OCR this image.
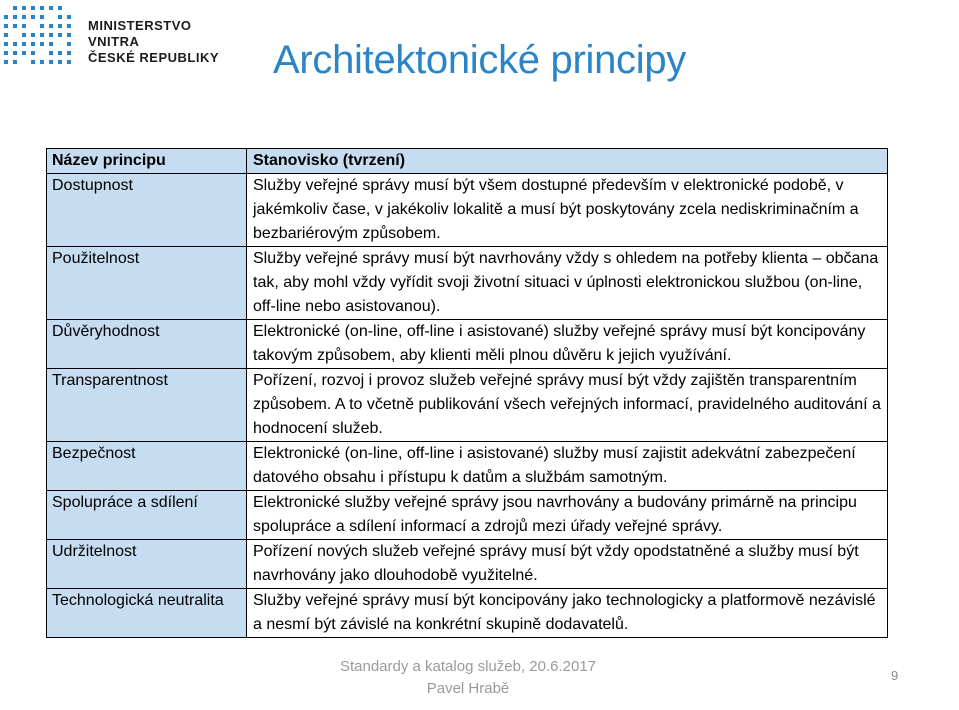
MINISTERSTVO VNITRA
ČESKÉ REPUBLIKY	Architektonické principy
Název principu	Stanovisko (tvrzení)

Dostupnost	Služby veřejné správy musí být všem dostupné především v elektronické podobě, v jakémkoliv čase, v jakékoliv lokalitě a musí být poskytovány zcela nediskriminačním a bezbariérovým způsobem.

Použitelnost	Služby veřejné správy musí být navrhovány vždy s ohledem na potřeby klienta – občana tak, aby mohl vždy vyřídit svoji životní situaci v úplnosti elektronickou službou (on-line, off-line nebo asistovanou).

Důvěryhodnost	Elektronické (on-line, off-line i asistované) služby veřejné správy musí být koncipovány takovým způsobem, aby klienti měli plnou důvěru k jejich využívání.

Transparentnost	Pořízení, rozvoj i provoz služeb veřejné správy musí být vždy zajištěn transparentním způsobem. A to včetně publikování všech veřejných informací, pravidelného auditování a hodnocení služeb.

Bezpečnost	Elektronické (on-line, off-line i asistované) služby musí zajistit adekvátní zabezpečení datového obsahu i přístupu k datům a službám samotným.

Spolupráce a sdílení	Elektronické služby veřejné správy jsou navrhovány a budovány primárně na principu spolupráce a sdílení informací a zdrojů mezi úřady veřejné správy.

Udržitelnost	Pořízení nových služeb veřejné správy musí být vždy opodstatněné a služby musí být navrhovány jako dlouhodobě využitelné.

Technologická neutralita	Služby veřejné správy musí být koncipovány jako technologicky a platformově nezávislé a nesmí být závislé na konkrétní skupině dodavatelů.
Standardy a katalog služeb, 20.6.2017
Pavel Hrabě
9
